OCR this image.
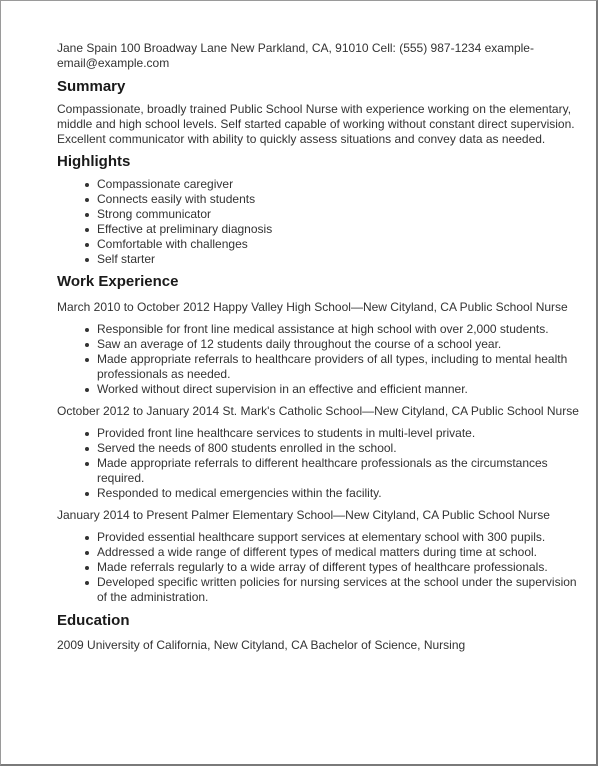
Jane Spain 100 Broadway Lane New Parkland, CA, 91010 Cell: (555) 987-1234 example-email@example.com

Summary

Compassionate, broadly trained Public School Nurse with experience working on the elementary, middle and high school levels. Self started capable of working without constant direct supervision. Excellent communicator with ability to quickly assess situations and convey data as needed.

Highlights
Compassionate caregiver
Connects easily with students
Strong communicator
Effective at preliminary diagnosis
Comfortable with challenges
Self starter
Work Experience

March 2010 to October 2012 Happy Valley High School—New Cityland, CA Public School Nurse

Responsible for front line medical assistance at high school with over 2,000 students.
Saw an average of 12 students daily throughout the course of a school year.
Made appropriate referrals to healthcare providers of all types, including to mental health professionals as needed.
Worked without direct supervision in an effective and efficient manner.

October 2012 to January 2014 St. Mark's Catholic School—New Cityland, CA Public School Nurse

Provided front line healthcare services to students in multi-level private.
Served the needs of 800 students enrolled in the school.
Made appropriate referrals to different healthcare professionals as the circumstances required.
Responded to medical emergencies within the facility.

January 2014 to Present Palmer Elementary School—New Cityland, CA Public School Nurse

Provided essential healthcare support services at elementary school with 300 pupils.
Addressed a wide range of different types of medical matters during time at school.
Made referrals regularly to a wide array of different types of healthcare professionals.
Developed specific written policies for nursing services at the school under the supervision of the administration.
Education

2009 University of California, New Cityland, CA Bachelor of Science, Nursing
